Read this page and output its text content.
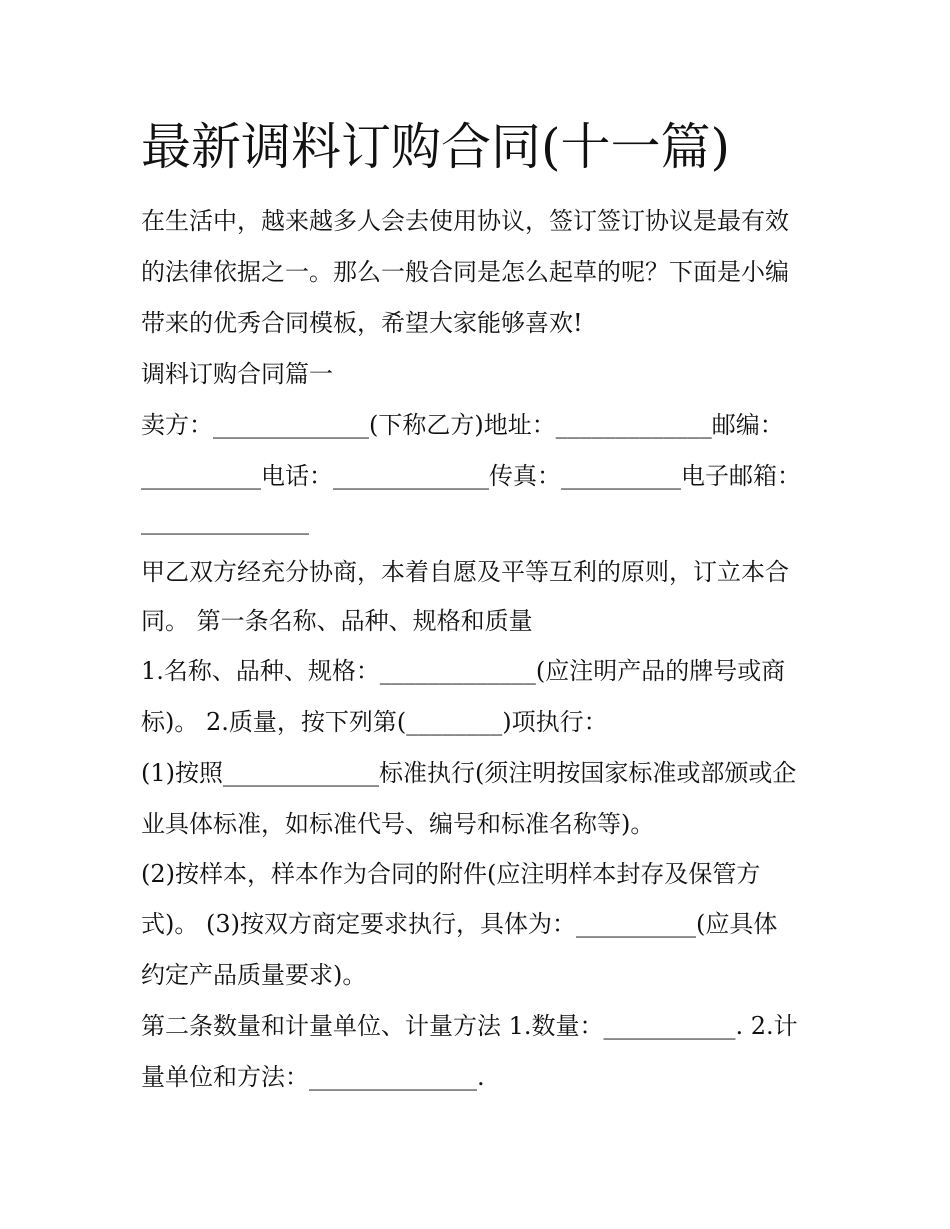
最新调料订购合同(十一篇)

在生活中，越来越多人会去使用协议，签订签订协议是最有效

的法律依据之一。那么一般合同是怎么起草的呢？下面是小编

带来的优秀合同模板，希望大家能够喜欢!

调料订购合同篇一

卖方：_____________(下称乙方)地址：_____________邮编：

__________电话：_____________传真：__________电子邮箱：

______________

甲乙双方经充分协商，本着自愿及平等互利的原则，订立本合

同。 第一条名称、品种、规格和质量

1.名称、品种、规格：_____________(应注明产品的牌号或商

标)。 2.质量，按下列第(________)项执行：

(1)按照_____________标准执行(须注明按国家标准或部颁或企

业具体标准，如标准代号、编号和标准名称等)。

(2)按样本，样本作为合同的附件(应注明样本封存及保管方

式)。 (3)按双方商定要求执行，具体为：__________(应具体

约定产品质量要求)。

第二条数量和计量单位、计量方法 1.数量：___________. 2.计

量单位和方法：______________.
